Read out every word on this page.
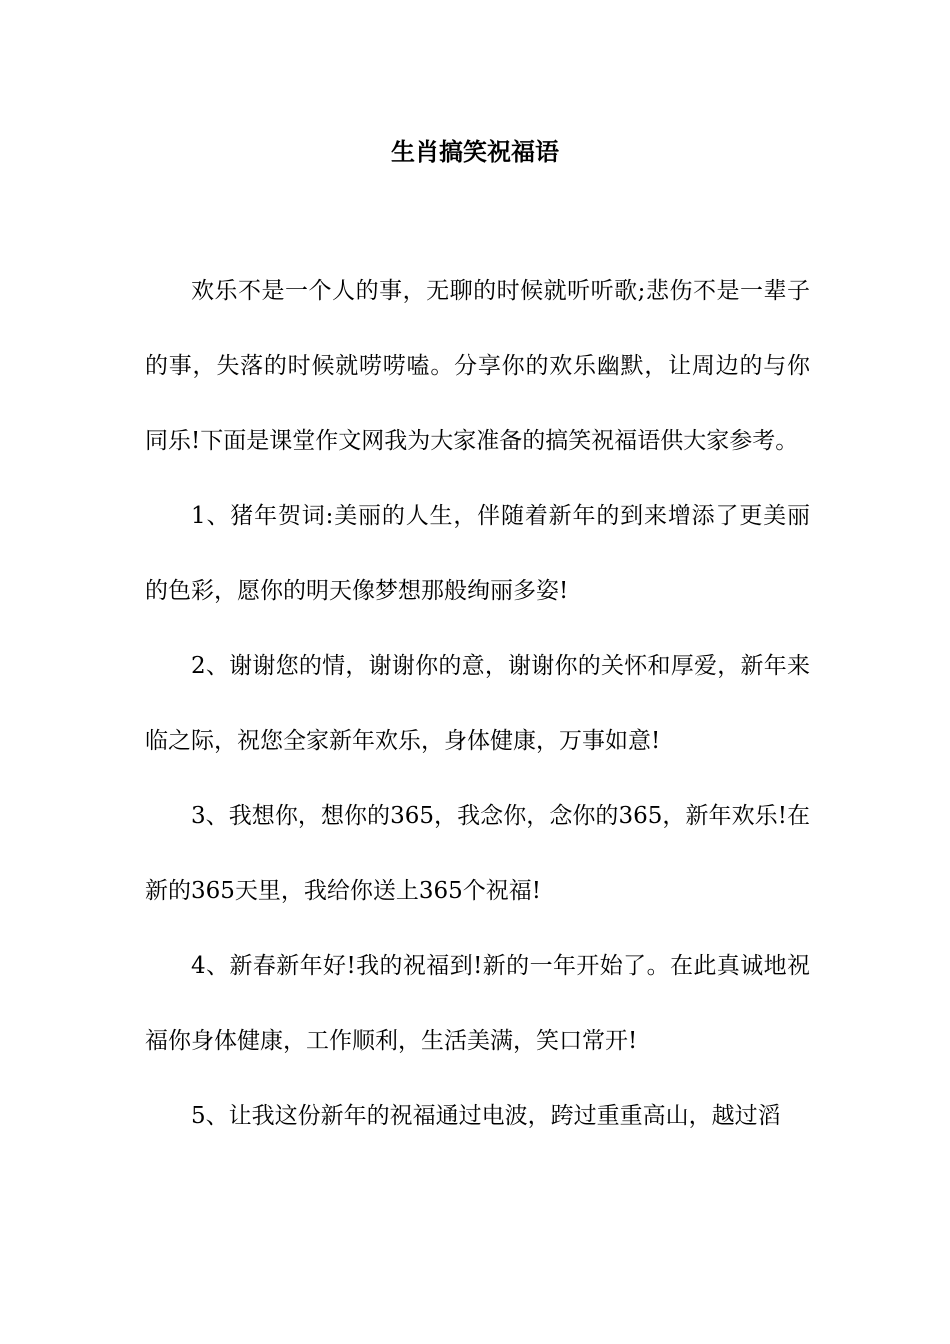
生肖搞笑祝福语

欢乐不是一个人的事，无聊的时候就听听歌;悲伤不是一辈子的事，失落的时候就唠唠嗑。分享你的欢乐幽默，让周边的与你同乐!下面是课堂作文网我为大家准备的搞笑祝福语供大家参考。

1、猪年贺词:美丽的人生，伴随着新年的到来增添了更美丽的色彩，愿你的明天像梦想那般绚丽多姿!

2、谢谢您的情，谢谢你的意，谢谢你的关怀和厚爱，新年来临之际，祝您全家新年欢乐，身体健康，万事如意!

3、我想你，想你的365，我念你，念你的365，新年欢乐!在新的365天里，我给你送上365个祝福!

4、新春新年好!我的祝福到!新的一年开始了。在此真诚地祝福你身体健康，工作顺利，生活美满，笑口常开!

5、让我这份新年的祝福通过电波，跨过重重高山，越过滔
